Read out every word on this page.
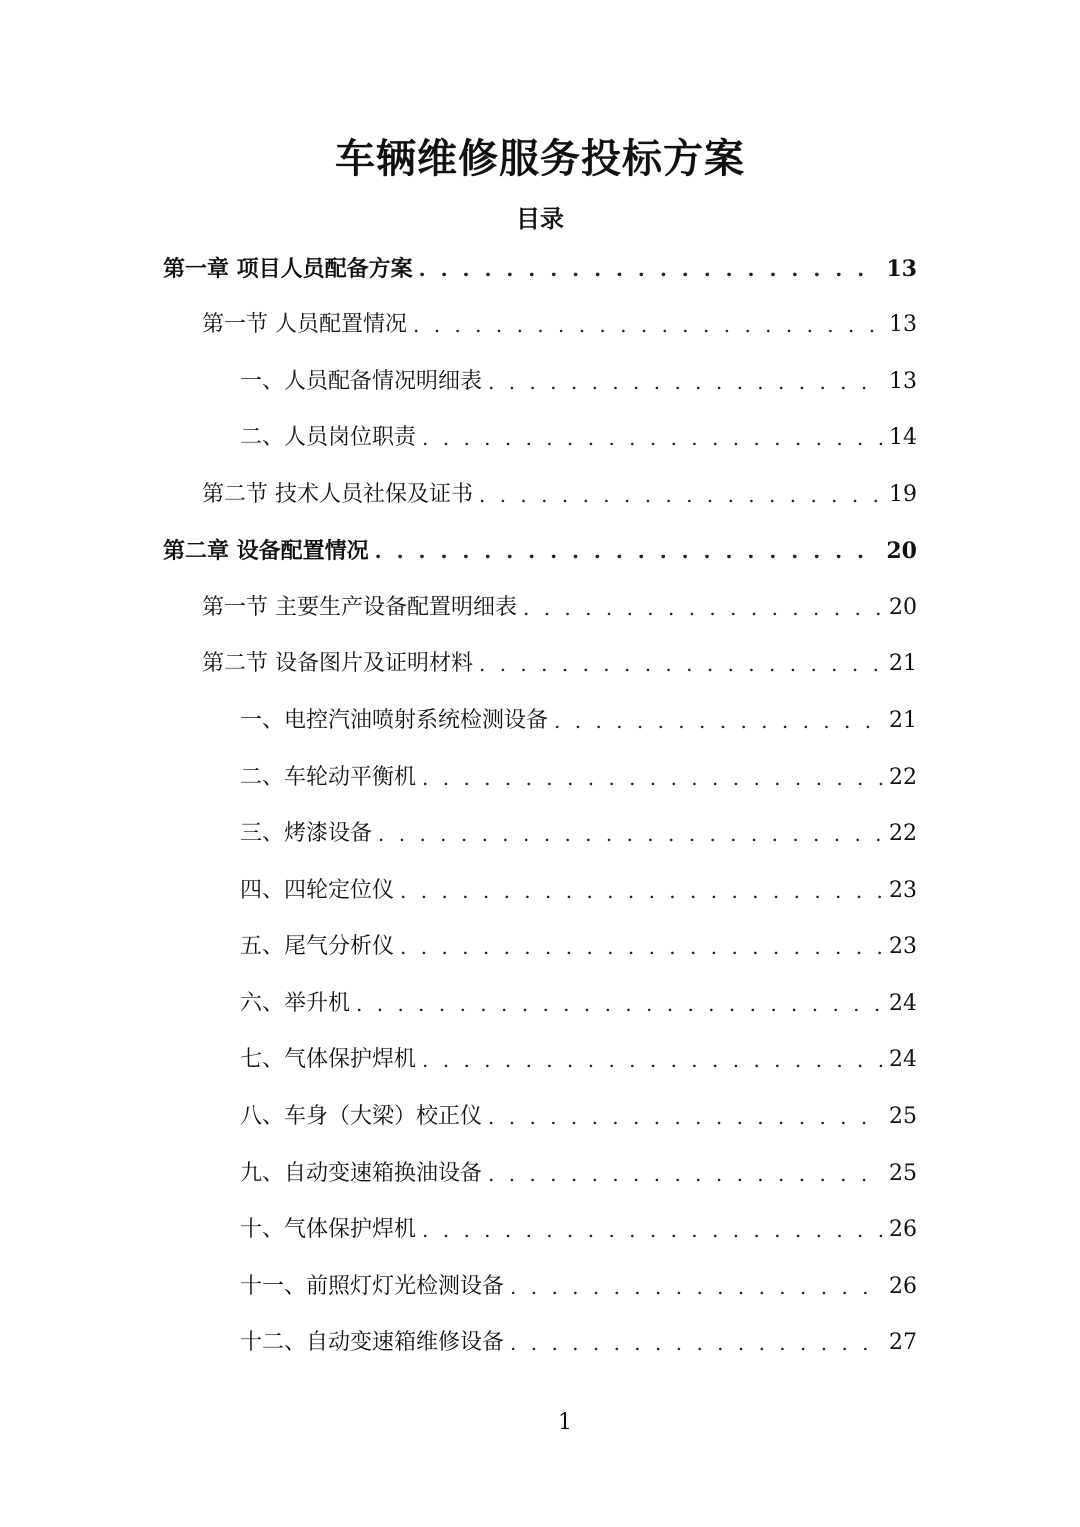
车辆维修服务投标方案
目录
第一章 项目人员配备方案 . . .	13
第一节 人员配置情况 . . .	13
一、人员配备情况明细表 . . .	13
二、人员岗位职责 . . .	14
第二节 技术人员社保及证书 . . .	19
第二章 设备配置情况 . . .	20
第一节 主要生产设备配置明细表 . . .	20
第二节 设备图片及证明材料 . . .	21
一、电控汽油喷射系统检测设备 . . .	21
二、车轮动平衡机 . . .	22
三、烤漆设备 . . .	22
四、四轮定位仪 . . .	23
五、尾气分析仪 . . .	23
六、举升机 . . .	24
七、气体保护焊机 . . .	24
八、车身（大梁）校正仪 . . .	25
九、自动变速箱换油设备 . . .	25
十、气体保护焊机 . . .	26
十一、前照灯灯光检测设备 . . .	26
十二、自动变速箱维修设备 . . .	27
1
